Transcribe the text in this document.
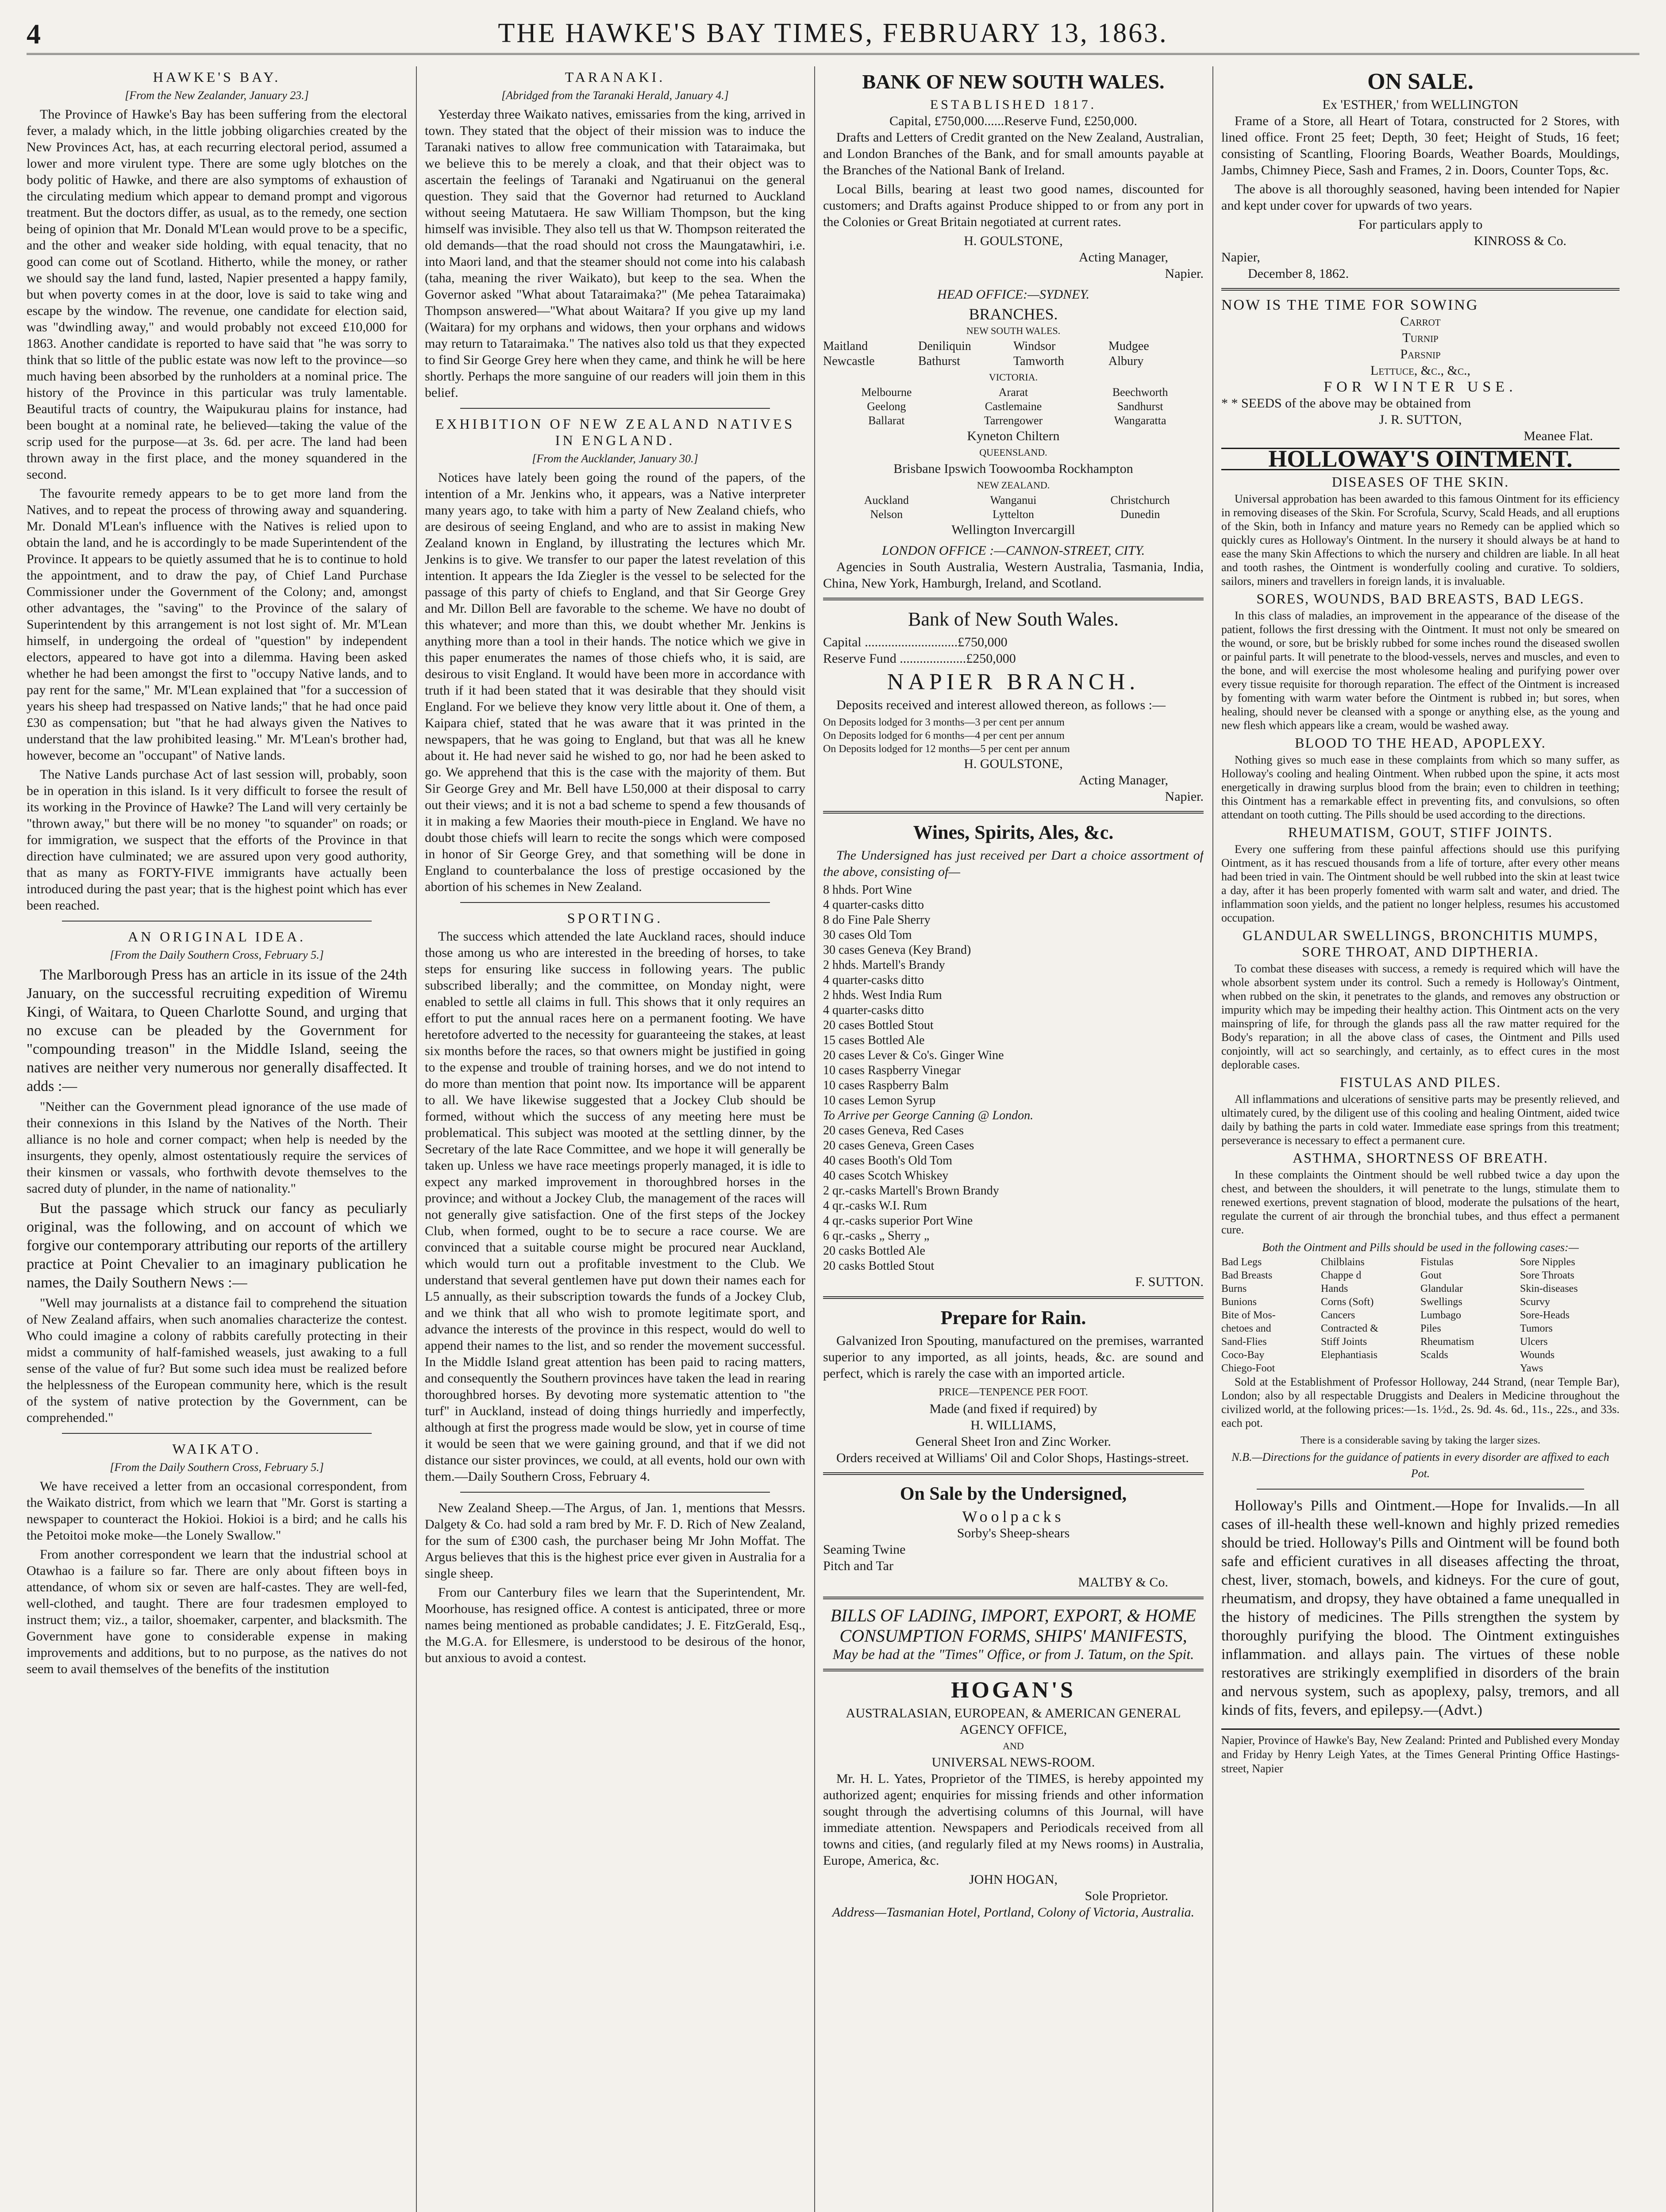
4	THE HAWKE'S BAY TIMES, FEBRUARY 13, 1863.
HAWKE'S BAY.
[From the New Zealander, January 23.]

The Province of Hawke's Bay has been suffering from the electoral fever, a malady which, in the little jobbing oligarchies created by the New Provinces Act, has, at each recurring electoral period, assumed a lower and more virulent type. There are some ugly blotches on the body politic of Hawke, and there are also symptoms of exhaustion of the circulating medium which appear to demand prompt and vigorous treatment. But the doctors differ, as usual, as to the remedy, one section being of opinion that Mr. Donald M'Lean would prove to be a specific, and the other and weaker side holding, with equal tenacity, that no good can come out of Scotland. Hitherto, while the money, or rather we should say the land fund, lasted, Napier presented a happy family, but when poverty comes in at the door, love is said to take wing and escape by the window. The revenue, one candidate for election said, was "dwindling away," and would probably not exceed £10,000 for 1863. Another candidate is reported to have said that "he was sorry to think that so little of the public estate was now left to the province—so much having been absorbed by the runholders at a nominal price. The history of the Province in this particular was truly lamentable. Beautiful tracts of country, the Waipukurau plains for instance, had been bought at a nominal rate, he believed—taking the value of the scrip used for the purpose—at 3s. 6d. per acre. The land had been thrown away in the first place, and the money squandered in the second.

The favourite remedy appears to be to get more land from the Natives, and to repeat the process of throwing away and squandering. Mr. Donald M'Lean's influence with the Natives is relied upon to obtain the land, and he is accordingly to be made Superintendent of the Province. It appears to be quietly assumed that he is to continue to hold the appointment, and to draw the pay, of Chief Land Purchase Commissioner under the Government of the Colony; and, amongst other advantages, the "saving" to the Province of the salary of Superintendent by this arrangement is not lost sight of. Mr. M'Lean himself, in undergoing the ordeal of "question" by independent electors, appeared to have got into a dilemma. Having been asked whether he had been amongst the first to "occupy Native lands, and to pay rent for the same," Mr. M'Lean explained that "for a succession of years his sheep had trespassed on Native lands;" that he had once paid £30 as compensation; but "that he had always given the Natives to understand that the law prohibited leasing." Mr. M'Lean's brother had, however, become an "occupant" of Native lands.

The Native Lands purchase Act of last session will, probably, soon be in operation in this island. Is it very difficult to forsee the result of its working in the Province of Hawke? The Land will very certainly be "thrown away," but there will be no money "to squander" on roads; or for immigration, we suspect that the efforts of the Province in that direction have culminated; we are assured upon very good authority, that as many as FORTY-FIVE immigrants have actually been introduced during the past year; that is the highest point which has ever been reached.

AN ORIGINAL IDEA.
[From the Daily Southern Cross, February 5.]

The Marlborough Press has an article in its issue of the 24th January, on the successful recruiting expedition of Wiremu Kingi, of Waitara, to Queen Charlotte Sound, and urging that no excuse can be pleaded by the Government for "compounding treason" in the Middle Island, seeing the natives are neither very numerous nor generally disaffected. It adds :—

"Neither can the Government plead ignorance of the use made of their connexions in this Island by the Natives of the North. Their alliance is no hole and corner compact; when help is needed by the insurgents, they openly, almost ostentatiously require the services of their kinsmen or vassals, who forthwith devote themselves to the sacred duty of plunder, in the name of nationality."

But the passage which struck our fancy as peculiarly original, was the following, and on account of which we forgive our contemporary attributing our reports of the artillery practice at Point Chevalier to an imaginary publication he names, the Daily Southern News :—

"Well may journalists at a distance fail to comprehend the situation of New Zealand affairs, when such anomalies characterize the contest. Who could imagine a colony of rabbits carefully protecting in their midst a community of half-famished weasels, just awaking to a full sense of the value of fur? But some such idea must be realized before the helplessness of the European community here, which is the result of the system of native protection by the Government, can be comprehended."

WAIKATO.
[From the Daily Southern Cross, February 5.]

We have received a letter from an occasional correspondent, from the Waikato district, from which we learn that "Mr. Gorst is starting a newspaper to counteract the Hokioi. Hokioi is a bird; and he calls his the Petoitoi moke moke—the Lonely Swallow."

From another correspondent we learn that the industrial school at Otawhao is a failure so far. There are only about fifteen boys in attendance, of whom six or seven are half-castes. They are well-fed, well-clothed, and taught. There are four tradesmen employed to instruct them; viz., a tailor, shoemaker, carpenter, and blacksmith. The Government have gone to considerable expense in making improvements and additions, but to no purpose, as the natives do not seem to avail themselves of the benefits of the institution

TARANAKI.
[Abridged from the Taranaki Herald, January 4.]

Yesterday three Waikato natives, emissaries from the king, arrived in town. They stated that the object of their mission was to induce the Taranaki natives to allow free communication with Tataraimaka, but we believe this to be merely a cloak, and that their object was to ascertain the feelings of Taranaki and Ngatiruanui on the general question. They said that the Governor had returned to Auckland without seeing Matutaera. He saw William Thompson, but the king himself was invisible. They also tell us that W. Thompson reiterated the old demands—that the road should not cross the Maungatawhiri, i.e. into Maori land, and that the steamer should not come into his calabash (taha, meaning the river Waikato), but keep to the sea. When the Governor asked "What about Tataraimaka?" (Me pehea Tataraimaka) Thompson answered—"What about Waitara? If you give up my land (Waitara) for my orphans and widows, then your orphans and widows may return to Tataraimaka." The natives also told us that they expected to find Sir George Grey here when they came, and think he will be here shortly. Perhaps the more sanguine of our readers will join them in this belief.

EXHIBITION OF NEW ZEALAND NATIVES IN ENGLAND.
[From the Aucklander, January 30.]

Notices have lately been going the round of the papers, of the intention of a Mr. Jenkins who, it appears, was a Native interpreter many years ago, to take with him a party of New Zealand chiefs, who are desirous of seeing England, and who are to assist in making New Zealand known in England, by illustrating the lectures which Mr. Jenkins is to give. We transfer to our paper the latest revelation of this intention. It appears the Ida Ziegler is the vessel to be selected for the passage of this party of chiefs to England, and that Sir George Grey and Mr. Dillon Bell are favorable to the scheme. We have no doubt of this whatever; and more than this, we doubt whether Mr. Jenkins is anything more than a tool in their hands. The notice which we give in this paper enumerates the names of those chiefs who, it is said, are desirous to visit England. It would have been more in accordance with truth if it had been stated that it was desirable that they should visit England. For we believe they know very little about it. One of them, a Kaipara chief, stated that he was aware that it was printed in the newspapers, that he was going to England, but that was all he knew about it. He had never said he wished to go, nor had he been asked to go. We apprehend that this is the case with the majority of them. But Sir George Grey and Mr. Bell have L50,000 at their disposal to carry out their views; and it is not a bad scheme to spend a few thousands of it in making a few Maories their mouth-piece in England. We have no doubt those chiefs will learn to recite the songs which were composed in honor of Sir George Grey, and that something will be done in England to counterbalance the loss of prestige occasioned by the abortion of his schemes in New Zealand.

SPORTING.

The success which attended the late Auckland races, should induce those among us who are interested in the breeding of horses, to take steps for ensuring like success in following years. The public subscribed liberally; and the committee, on Monday night, were enabled to settle all claims in full. This shows that it only requires an effort to put the annual races here on a permanent footing. We have heretofore adverted to the necessity for guaranteeing the stakes, at least six months before the races, so that owners might be justified in going to the expense and trouble of training horses, and we do not intend to do more than mention that point now. Its importance will be apparent to all. We have likewise suggested that a Jockey Club should be formed, without which the success of any meeting here must be problematical. This subject was mooted at the settling dinner, by the Secretary of the late Race Committee, and we hope it will generally be taken up. Unless we have race meetings properly managed, it is idle to expect any marked improvement in thoroughbred horses in the province; and without a Jockey Club, the management of the races will not generally give satisfaction. One of the first steps of the Jockey Club, when formed, ought to be to secure a race course. We are convinced that a suitable course might be procured near Auckland, which would turn out a profitable investment to the Club. We understand that several gentlemen have put down their names each for L5 annually, as their subscription towards the funds of a Jockey Club, and we think that all who wish to promote legitimate sport, and advance the interests of the province in this respect, would do well to append their names to the list, and so render the movement successful. In the Middle Island great attention has been paid to racing matters, and consequently the Southern provinces have taken the lead in rearing thoroughbred horses. By devoting more systematic attention to "the turf" in Auckland, instead of doing things hurriedly and imperfectly, although at first the progress made would be slow, yet in course of time it would be seen that we were gaining ground, and that if we did not distance our sister provinces, we could, at all events, hold our own with them.—Daily Southern Cross, February 4.

New Zealand Sheep.—The Argus, of Jan. 1, mentions that Messrs. Dalgety & Co. had sold a ram bred by Mr. F. D. Rich of New Zealand, for the sum of £300 cash, the purchaser being Mr John Moffat. The Argus believes that this is the highest price ever given in Australia for a single sheep.

From our Canterbury files we learn that the Superintendent, Mr. Moorhouse, has resigned office. A contest is anticipated, three or more names being mentioned as probable candidates; J. E. FitzGerald, Esq., the M.G.A. for Ellesmere, is understood to be desirous of the honor, but anxious to avoid a contest.

BANK OF NEW SOUTH WALES.
ESTABLISHED 1817.
Capital, £750,000......Reserve Fund, £250,000.

Drafts and Letters of Credit granted on the New Zealand, Australian, and London Branches of the Bank, and for small amounts payable at the Branches of the National Bank of Ireland.

Local Bills, bearing at least two good names, discounted for customers; and Drafts against Produce shipped to or from any port in the Colonies or Great Britain negotiated at current rates.

H. GOULSTONE,
Acting Manager,
Napier.
HEAD OFFICE:—SYDNEY.
BRANCHES.
NEW SOUTH WALES.
Maitland	Deniliquin	Windsor	Mudgee
Newcastle	Bathurst	Tamworth	Albury
VICTORIA.
Melbourne	Ararat	Beechworth
Geelong	Castlemaine	Sandhurst
Ballarat	Tarrengower	Wangaratta
Kyneton Chiltern
QUEENSLAND.
Brisbane Ipswich Toowoomba Rockhampton
NEW ZEALAND.
Auckland	Wanganui	Christchurch
Nelson	Lyttelton	Dunedin
Wellington Invercargill
LONDON OFFICE :—CANNON-STREET, CITY.

Agencies in South Australia, Western Australia, Tasmania, India, China, New York, Hamburgh, Ireland, and Scotland.

Bank of New South Wales.
Capital ............................£750,000
Reserve Fund ....................£250,000
NAPIER BRANCH.

Deposits received and interest allowed thereon, as follows :—

On Deposits lodged for 3 months—3 per cent per annum
On Deposits lodged for 6 months—4 per cent per annum
On Deposits lodged for 12 months—5 per cent per annum
H. GOULSTONE,
Acting Manager,
Napier.
Wines, Spirits, Ales, &c.

The Undersigned has just received per Dart a choice assortment of the above, consisting of—

8 hhds. Port Wine
4 quarter-casks ditto
8 do Fine Pale Sherry
30 cases Old Tom
30 cases Geneva (Key Brand)
2 hhds. Martell's Brandy
4 quarter-casks ditto
2 hhds. West India Rum
4 quarter-casks ditto
20 cases Bottled Stout
15 cases Bottled Ale
20 cases Lever & Co's. Ginger Wine
10 cases Raspberry Vinegar
10 cases Raspberry Balm
10 cases Lemon Syrup
To Arrive per George Canning @ London.
20 cases Geneva, Red Cases
20 cases Geneva, Green Cases
40 cases Booth's Old Tom
40 cases Scotch Whiskey
2 qr.-casks Martell's Brown Brandy
4 qr.-casks W.I. Rum
4 qr.-casks superior Port Wine
6 qr.-casks „ Sherry „
20 casks Bottled Ale
20 casks Bottled Stout
F. SUTTON.
Prepare for Rain.

Galvanized Iron Spouting, manufactured on the premises, warranted superior to any imported, as all joints, heads, &c. are sound and perfect, which is rarely the case with an imported article.

PRICE—TENPENCE PER FOOT.
Made (and fixed if required) by
H. WILLIAMS,
General Sheet Iron and Zinc Worker.

Orders received at Williams' Oil and Color Shops, Hastings-street.

On Sale by the Undersigned,
Woolpacks
Sorby's Sheep-shears
Seaming Twine
Pitch and Tar
MALTBY & Co.
BILLS OF LADING, IMPORT, EXPORT, & HOME CONSUMPTION FORMS, SHIPS' MANIFESTS,
May be had at the "Times" Office, or from J. Tatum, on the Spit.
HOGAN'S
AUSTRALASIAN, EUROPEAN, & AMERICAN GENERAL AGENCY OFFICE,
AND
UNIVERSAL NEWS-ROOM.

Mr. H. L. Yates, Proprietor of the TIMES, is hereby appointed my authorized agent; enquiries for missing friends and other information sought through the advertising columns of this Journal, will have immediate attention. Newspapers and Periodicals received from all towns and cities, (and regularly filed at my News rooms) in Australia, Europe, America, &c.

JOHN HOGAN,
Sole Proprietor.
Address—Tasmanian Hotel, Portland, Colony of Victoria, Australia.
ON SALE.
Ex 'ESTHER,' from WELLINGTON

Frame of a Store, all Heart of Totara, constructed for 2 Stores, with lined office. Front 25 feet; Depth, 30 feet; Height of Studs, 16 feet; consisting of Scantling, Flooring Boards, Weather Boards, Mouldings, Jambs, Chimney Piece, Sash and Frames, 2 in. Doors, Counter Tops, &c.

The above is all thoroughly seasoned, having been intended for Napier and kept under cover for upwards of two years.

For particulars apply to
KINROSS & Co.
Napier,
December 8, 1862.
NOW IS THE TIME FOR SOWING
Carrot
Turnip
Parsnip
Lettuce, &c., &c.,
FOR WINTER USE.
* * SEEDS of the above may be obtained from
J. R. SUTTON,
Meanee Flat.
HOLLOWAY'S OINTMENT.
DISEASES OF THE SKIN.

Universal approbation has been awarded to this famous Ointment for its efficiency in removing diseases of the Skin. For Scrofula, Scurvy, Scald Heads, and all eruptions of the Skin, both in Infancy and mature years no Remedy can be applied which so quickly cures as Holloway's Ointment. In the nursery it should always be at hand to ease the many Skin Affections to which the nursery and children are liable. In all heat and tooth rashes, the Ointment is wonderfully cooling and curative. To soldiers, sailors, miners and travellers in foreign lands, it is invaluable.

SORES, WOUNDS, BAD BREASTS, BAD LEGS.

In this class of maladies, an improvement in the appearance of the disease of the patient, follows the first dressing with the Ointment. It must not only be smeared on the wound, or sore, but be briskly rubbed for some inches round the diseased swollen or painful parts. It will penetrate to the blood-vessels, nerves and muscles, and even to the bone, and will exercise the most wholesome healing and purifying power over every tissue requisite for thorough reparation. The effect of the Ointment is increased by fomenting with warm water before the Ointment is rubbed in; but sores, when healing, should never be cleansed with a sponge or anything else, as the young and new flesh which appears like a cream, would be washed away.

BLOOD TO THE HEAD, APOPLEXY.

Nothing gives so much ease in these complaints from which so many suffer, as Holloway's cooling and healing Ointment. When rubbed upon the spine, it acts most energetically in drawing surplus blood from the brain; even to children in teething; this Ointment has a remarkable effect in preventing fits, and convulsions, so often attendant on tooth cutting. The Pills should be used according to the directions.

RHEUMATISM, GOUT, STIFF JOINTS.

Every one suffering from these painful affections should use this purifying Ointment, as it has rescued thousands from a life of torture, after every other means had been tried in vain. The Ointment should be well rubbed into the skin at least twice a day, after it has been properly fomented with warm salt and water, and dried. The inflammation soon yields, and the patient no longer helpless, resumes his accustomed occupation.

GLANDULAR SWELLINGS, BRONCHITIS MUMPS, SORE THROAT, AND DIPTHERIA.

To combat these diseases with success, a remedy is required which will have the whole absorbent system under its control. Such a remedy is Holloway's Ointment, when rubbed on the skin, it penetrates to the glands, and removes any obstruction or impurity which may be impeding their healthy action. This Ointment acts on the very mainspring of life, for through the glands pass all the raw matter required for the Body's reparation; in all the above class of cases, the Ointment and Pills used conjointly, will act so searchingly, and certainly, as to effect cures in the most deplorable cases.

FISTULAS AND PILES.

All inflammations and ulcerations of sensitive parts may be presently relieved, and ultimately cured, by the diligent use of this cooling and healing Ointment, aided twice daily by bathing the parts in cold water. Immediate ease springs from this treatment; perseverance is necessary to effect a permanent cure.

ASTHMA, SHORTNESS OF BREATH.

In these complaints the Ointment should be well rubbed twice a day upon the chest, and between the shoulders, it will penetrate to the lungs, stimulate them to renewed exertions, prevent stagnation of blood, moderate the pulsations of the heart, regulate the current of air through the bronchial tubes, and thus effect a permanent cure.

Both the Ointment and Pills should be used in the following cases:—
Bad Legs	Chilblains	Fistulas	Sore Nipples
Bad Breasts	Chappe d	Gout	Sore Throats
Burns	Hands	Glandular	Skin-diseases
Bunions	Corns (Soft)	Swellings	Scurvy
Bite of Mos-	Cancers	Lumbago	Sore-Heads
chetoes and	Contracted &	Piles	Tumors
Sand-Flies	Stiff Joints	Rheumatism	Ulcers
Coco-Bay	Elephantiasis	Scalds	Wounds
Chiego-Foot	Yaws

Sold at the Establishment of Professor Holloway, 244 Strand, (near Temple Bar), London; also by all respectable Druggists and Dealers in Medicine throughout the civilized world, at the following prices:—1s. 1½d., 2s. 9d. 4s. 6d., 11s., 22s., and 33s. each pot.

There is a considerable saving by taking the larger sizes.
N.B.—Directions for the guidance of patients in every disorder are affixed to each Pot.

Holloway's Pills and Ointment.—Hope for Invalids.—In all cases of ill-health these well-known and highly prized remedies should be tried. Holloway's Pills and Ointment will be found both safe and efficient curatives in all diseases affecting the throat, chest, liver, stomach, bowels, and kidneys. For the cure of gout, rheumatism, and dropsy, they have obtained a fame unequalled in the history of medicines. The Pills strengthen the system by thoroughly purifying the blood. The Ointment extinguishes inflammation. and allays pain. The virtues of these noble restoratives are strikingly exemplified in disorders of the brain and nervous system, such as apoplexy, palsy, tremors, and all kinds of fits, fevers, and epilepsy.—(Advt.)

Napier, Province of Hawke's Bay, New Zealand: Printed and Published every Monday and Friday by Henry Leigh Yates, at the Times General Printing Office Hastings-street, Napier
